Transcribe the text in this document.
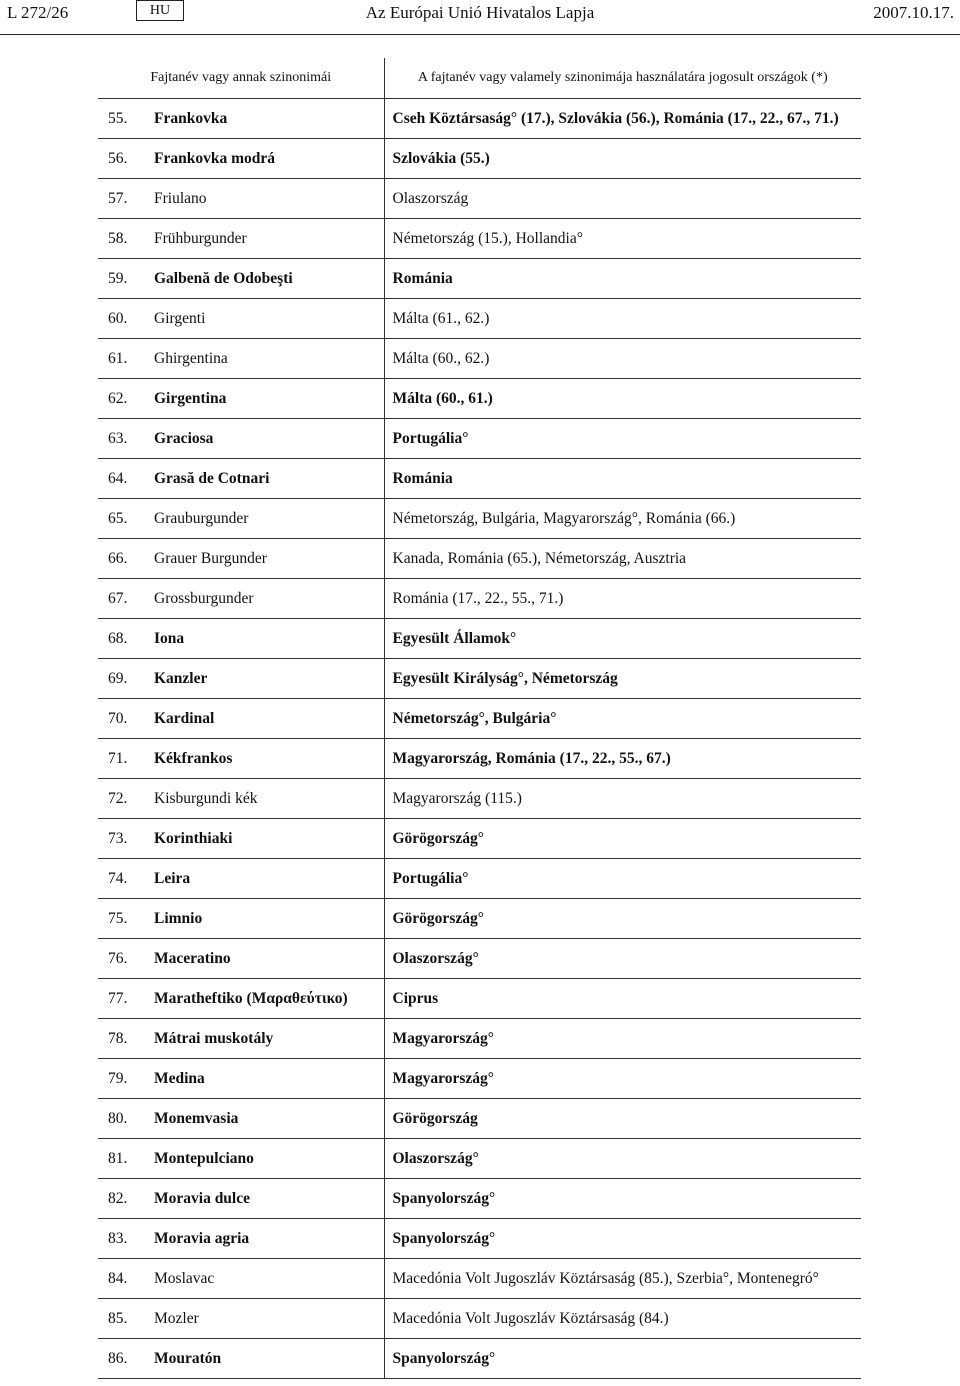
L 272/26	HU	Az Európai Unió Hivatalos Lapja	2007.10.17.
Fajtanév vagy annak szinonimái	A fajtanév vagy valamely szinonimája használatára jogosult országok (*)
55. Frankovka	Cseh Köztársaság° (17.), Szlovákia (56.), Románia (17., 22., 67., 71.)
56. Frankovka modrá	Szlovákia (55.)
57. Friulano	Olaszország
58. Frühburgunder	Németország (15.), Hollandia°
59. Galbenă de Odobeşti	Románia
60. Girgenti	Málta (61., 62.)
61. Ghirgentina	Málta (60., 62.)
62. Girgentina	Málta (60., 61.)
63. Graciosa	Portugália°
64. Grasă de Cotnari	Románia
65. Grauburgunder	Németország, Bulgária, Magyarország°, Románia (66.)
66. Grauer Burgunder	Kanada, Románia (65.), Németország, Ausztria
67. Grossburgunder	Románia (17., 22., 55., 71.)
68. Iona	Egyesült Államok°
69. Kanzler	Egyesült Királyság°, Németország
70. Kardinal	Németország°, Bulgária°
71. Kékfrankos	Magyarország, Románia (17., 22., 55., 67.)
72. Kisburgundi kék	Magyarország (115.)
73. Korinthiaki	Görögország°
74. Leira	Portugália°
75. Limnio	Görögország°
76. Maceratino	Olaszország°
77. Maratheftiko (Μαραθεύτικο)	Ciprus
78. Mátrai muskotály	Magyarország°
79. Medina	Magyarország°
80. Monemvasia	Görögország
81. Montepulciano	Olaszország°
82. Moravia dulce	Spanyolország°
83. Moravia agria	Spanyolország°
84. Moslavac	Macedónia Volt Jugoszláv Köztársaság (85.), Szerbia°, Montenegró°
85. Mozler	Macedónia Volt Jugoszláv Köztársaság (84.)
86. Mouratón	Spanyolország°
